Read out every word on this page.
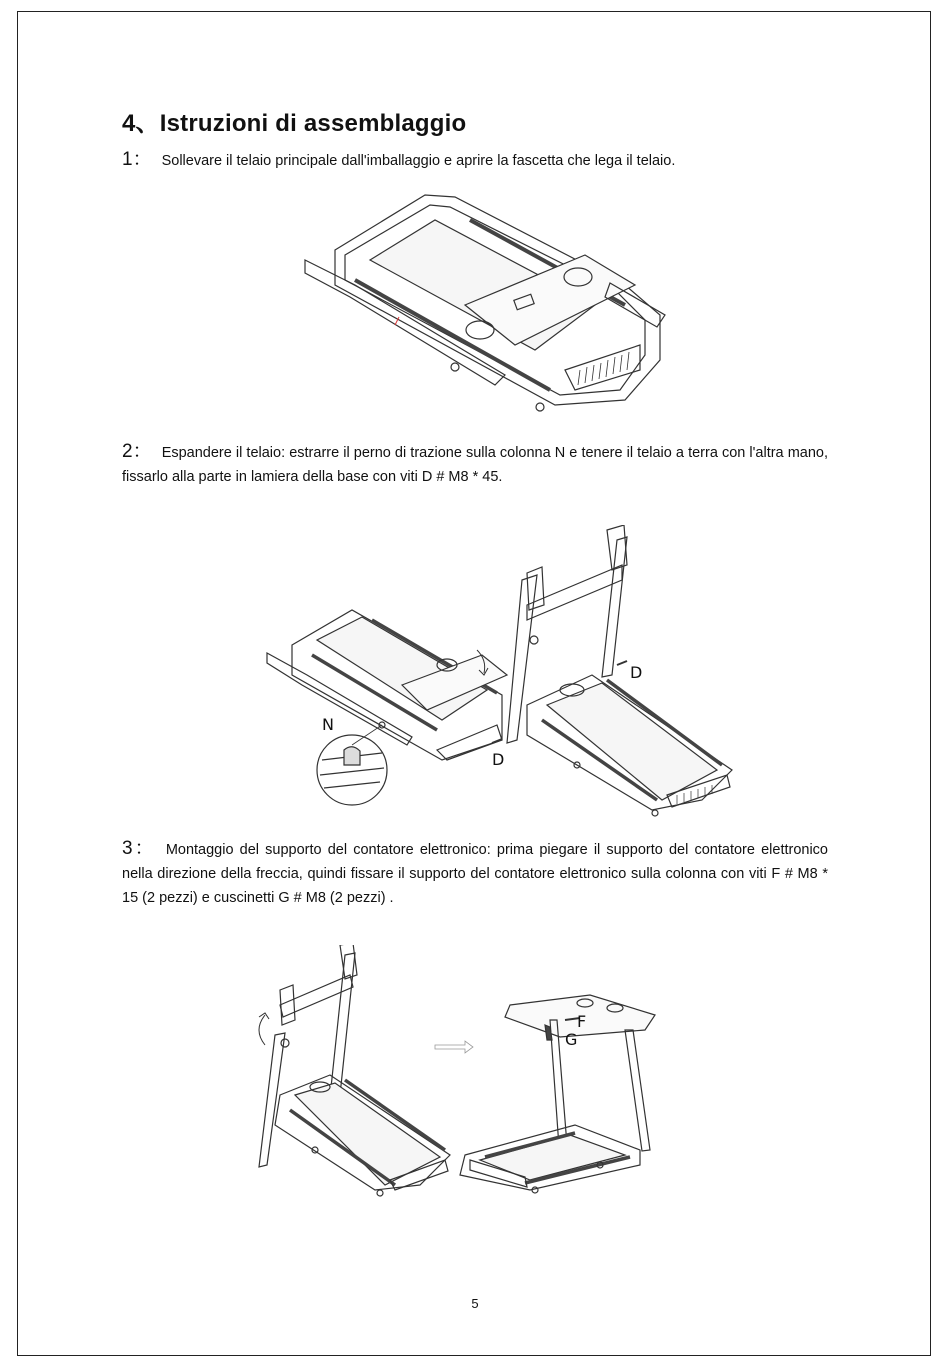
4、Istruzioni di assemblaggio

1： Sollevare il telaio principale dall'imballaggio e aprire la fascetta che lega il telaio.

2： Espandere il telaio: estrarre il perno di trazione sulla colonna N e tenere il telaio a terra con l'altra mano, fissarlo alla parte in lamiera della base con viti D # M8 * 45.

N
D
D

3： Montaggio del supporto del contatore elettronico: prima piegare il supporto del contatore elettronico nella direzione della freccia, quindi fissare il supporto del contatore elettronico sulla colonna con viti F # M8 * 15 (2 pezzi) e cuscinetti G # M8 (2 pezzi) .

F
G
5
